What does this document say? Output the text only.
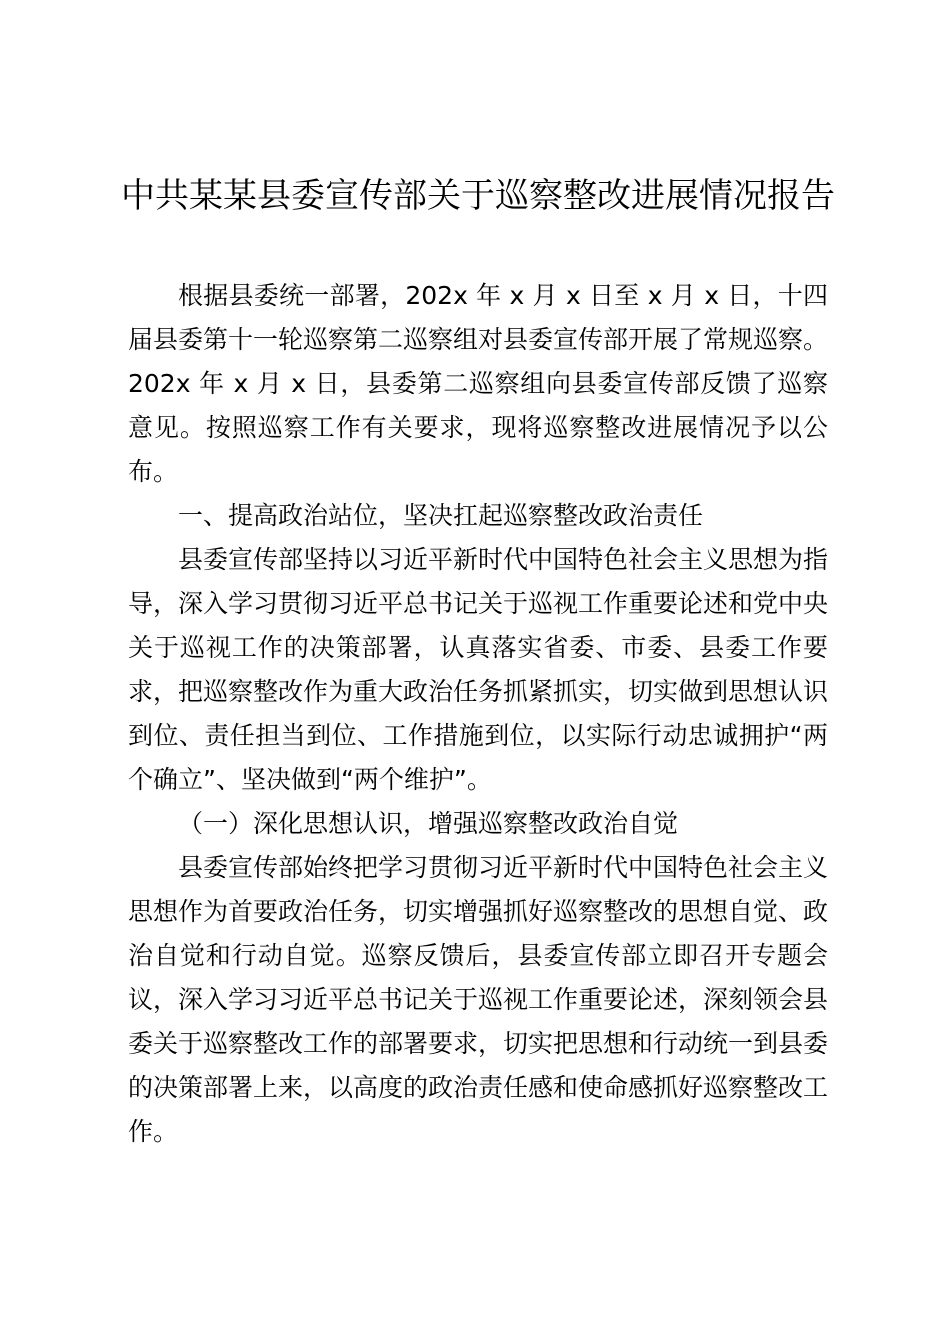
中共某某县委宣传部关于巡察整改进展情况报告

根据县委统一部署，202x 年 x 月 x 日至 x 月 x 日，十四届县委第十一轮巡察第二巡察组对县委宣传部开展了常规巡察。202x 年 x 月 x 日，县委第二巡察组向县委宣传部反馈了巡察意见。按照巡察工作有关要求，现将巡察整改进展情况予以公布。

一、提高政治站位，坚决扛起巡察整改政治责任

县委宣传部坚持以习近平新时代中国特色社会主义思想为指导，深入学习贯彻习近平总书记关于巡视工作重要论述和党中央关于巡视工作的决策部署，认真落实省委、市委、县委工作要求，把巡察整改作为重大政治任务抓紧抓实，切实做到思想认识到位、责任担当到位、工作措施到位，以实际行动忠诚拥护“两个确立”、坚决做到“两个维护”。

（一）深化思想认识，增强巡察整改政治自觉

县委宣传部始终把学习贯彻习近平新时代中国特色社会主义思想作为首要政治任务，切实增强抓好巡察整改的思想自觉、政治自觉和行动自觉。巡察反馈后，县委宣传部立即召开专题会议，深入学习习近平总书记关于巡视工作重要论述，深刻领会县委关于巡察整改工作的部署要求，切实把思想和行动统一到县委的决策部署上来，以高度的政治责任感和使命感抓好巡察整改工作。
